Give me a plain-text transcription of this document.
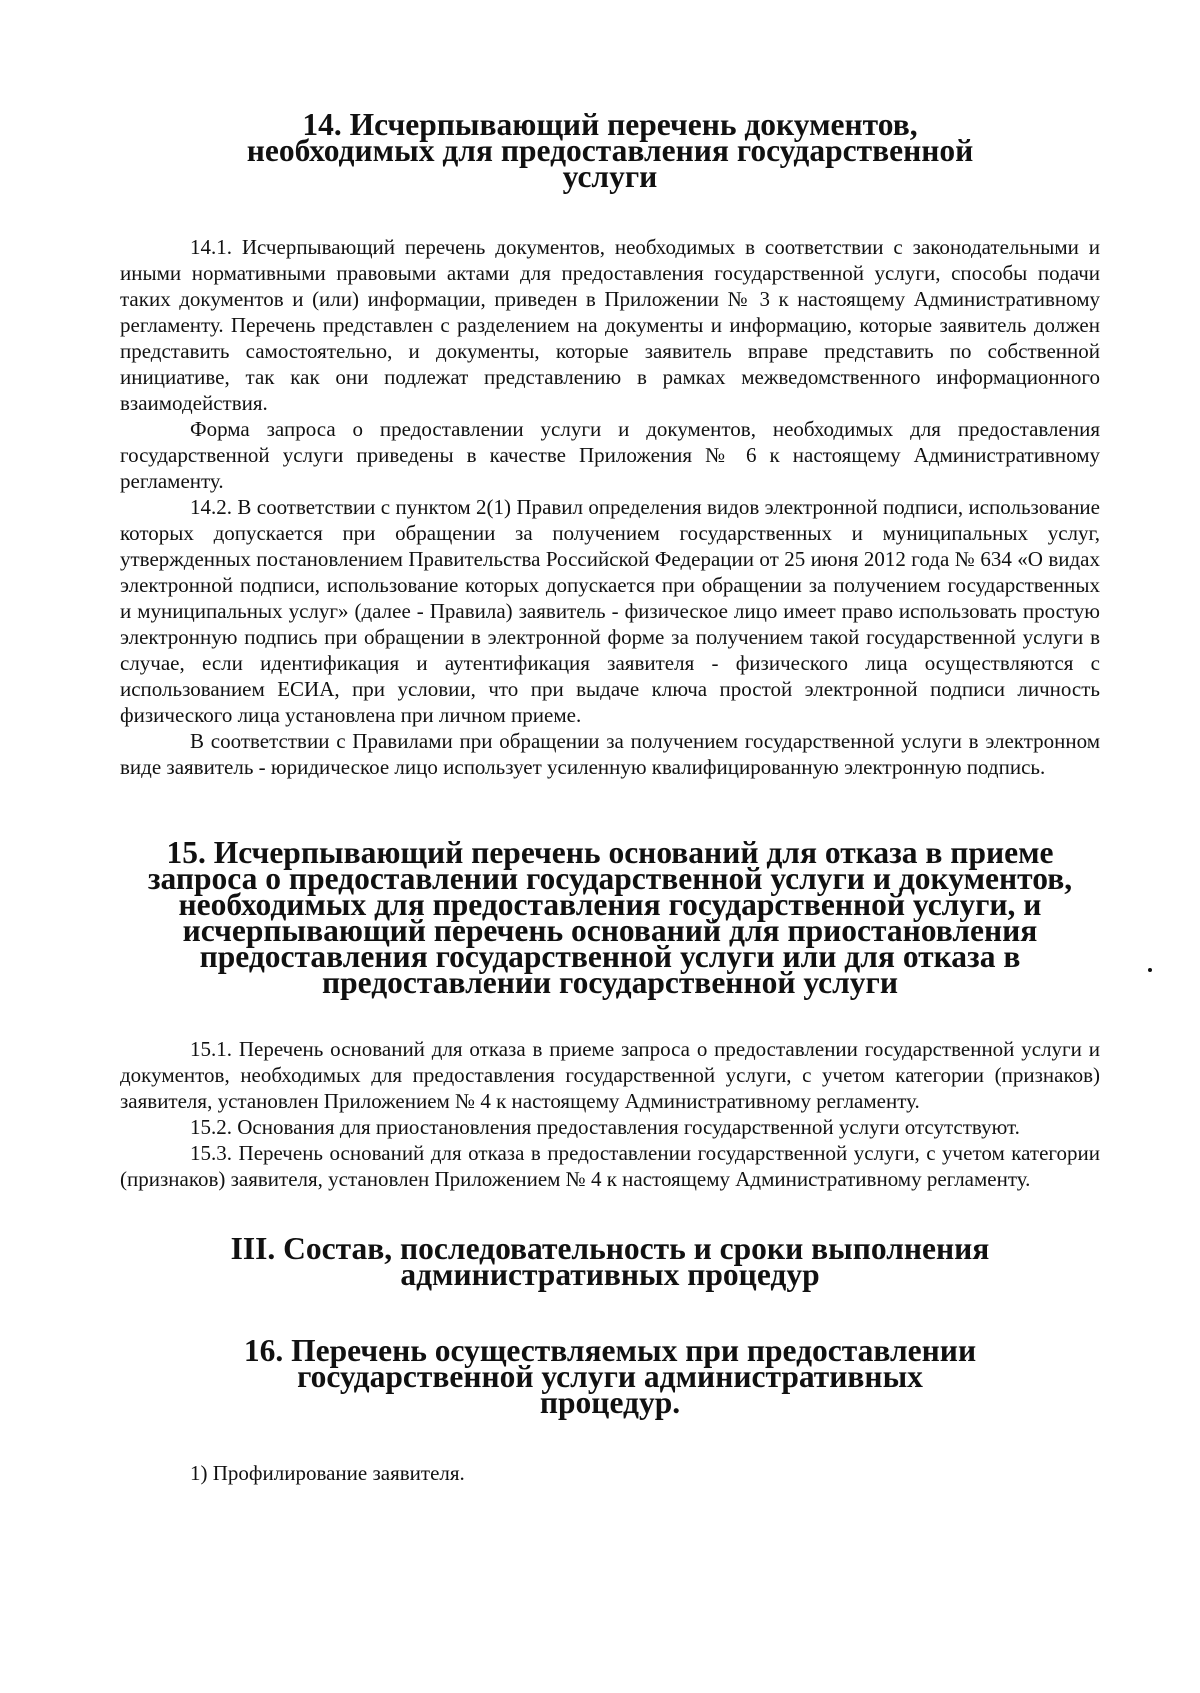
14. Исчерпывающий перечень документов, необходимых для предоставления государственной услуги

14.1. Исчерпывающий перечень документов, необходимых в соответствии с законодательными и иными нормативными правовыми актами для предоставления государственной услуги, способы подачи таких документов и (или) информации, приведен в Приложении № 3 к настоящему Административному регламенту. Перечень представлен с разделением на документы и информацию, которые заявитель должен представить самостоятельно, и документы, которые заявитель вправе представить по собственной инициативе, так как они подлежат представлению в рамках межведомственного информационного взаимодействия.

Форма запроса о предоставлении услуги и документов, необходимых для предоставления государственной услуги приведены в качестве Приложения № 6 к настоящему Административному регламенту.

14.2. В соответствии с пунктом 2(1) Правил определения видов электронной подписи, использование которых допускается при обращении за получением государственных и муниципальных услуг, утвержденных постановлением Правительства Российской Федерации от 25 июня 2012 года № 634 «О видах электронной подписи, использование которых допускается при обращении за получением государственных и муниципальных услуг» (далее - Правила) заявитель - физическое лицо имеет право использовать простую электронную подпись при обращении в электронной форме за получением такой государственной услуги в случае, если идентификация и аутентификация заявителя - физического лица осуществляются с использованием ЕСИА, при условии, что при выдаче ключа простой электронной подписи личность физического лица установлена при личном приеме.

В соответствии с Правилами при обращении за получением государственной услуги в электронном виде заявитель - юридическое лицо использует усиленную квалифицированную электронную подпись.

15. Исчерпывающий перечень оснований для отказа в приеме запроса о предоставлении государственной услуги и документов, необходимых для предоставления государственной услуги, и исчерпывающий перечень оснований для приостановления предоставления государственной услуги или для отказа в предоставлении государственной услуги

15.1. Перечень оснований для отказа в приеме запроса о предоставлении государственной услуги и документов, необходимых для предоставления государственной услуги, с учетом категории (признаков) заявителя, установлен Приложением № 4 к настоящему Административному регламенту.

15.2. Основания для приостановления предоставления государственной услуги отсутствуют.

15.3. Перечень оснований для отказа в предоставлении государственной услуги, с учетом категории (признаков) заявителя, установлен Приложением № 4 к настоящему Административному регламенту.

III. Состав, последовательность и сроки выполнения административных процедур
16. Перечень осуществляемых при предоставлении государственной услуги административных процедур.

1) Профилирование заявителя.
